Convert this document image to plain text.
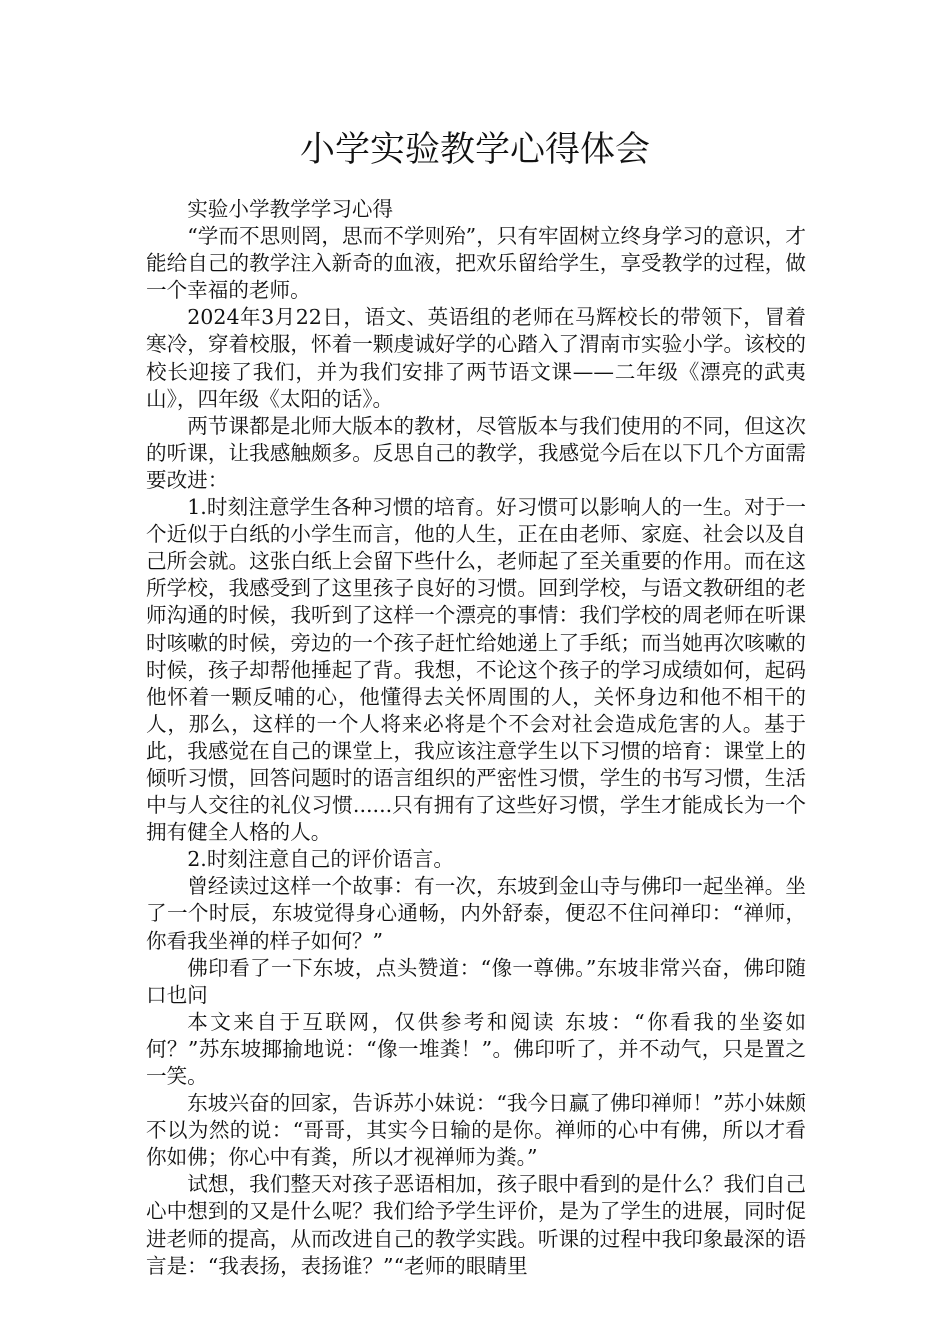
小学实验教学心得体会

实验小学教学学习心得

“学而不思则罔，思而不学则殆”，只有牢固树立终身学习的意识，才能给自己的教学注入新奇的血液，把欢乐留给学生，享受教学的过程，做一个幸福的老师。

2024年3月22日，语文、英语组的老师在马辉校长的带领下，冒着寒冷，穿着校服，怀着一颗虔诚好学的心踏入了渭南市实验小学。该校的校长迎接了我们，并为我们安排了两节语文课——二年级《漂亮的武夷山》，四年级《太阳的话》。

两节课都是北师大版本的教材，尽管版本与我们使用的不同，但这次的听课，让我感触颇多。反思自己的教学，我感觉今后在以下几个方面需要改进：

1.时刻注意学生各种习惯的培育。好习惯可以影响人的一生。对于一个近似于白纸的小学生而言，他的人生，正在由老师、家庭、社会以及自己所会就。这张白纸上会留下些什么，老师起了至关重要的作用。而在这所学校，我感受到了这里孩子良好的习惯。回到学校，与语文教研组的老师沟通的时候，我听到了这样一个漂亮的事情：我们学校的周老师在听课时咳嗽的时候，旁边的一个孩子赶忙给她递上了手纸；而当她再次咳嗽的时候，孩子却帮他捶起了背。我想，不论这个孩子的学习成绩如何，起码他怀着一颗反哺的心，他懂得去关怀周围的人，关怀身边和他不相干的人，那么，这样的一个人将来必将是个不会对社会造成危害的人。基于此，我感觉在自己的课堂上，我应该注意学生以下习惯的培育：课堂上的倾听习惯，回答问题时的语言组织的严密性习惯，学生的书写习惯，生活中与人交往的礼仪习惯......只有拥有了这些好习惯，学生才能成长为一个拥有健全人格的人。

2.时刻注意自己的评价语言。

曾经读过这样一个故事：有一次，东坡到金山寺与佛印一起坐禅。坐了一个时辰，东坡觉得身心通畅，内外舒泰，便忍不住问禅印：“禅师，你看我坐禅的样子如何？”

佛印看了一下东坡，点头赞道：“像一尊佛。”东坡非常兴奋，佛印随口也问

本文来自于互联网，仅供参考和阅读 东坡：“你看我的坐姿如何？”苏东坡揶揄地说：“像一堆粪！”。佛印听了，并不动气，只是置之一笑。

东坡兴奋的回家，告诉苏小妹说：“我今日赢了佛印禅师！”苏小妹颇不以为然的说：“哥哥，其实今日输的是你。禅师的心中有佛，所以才看你如佛；你心中有粪，所以才视禅师为粪。”

试想，我们整天对孩子恶语相加，孩子眼中看到的是什么？我们自己心中想到的又是什么呢？我们给予学生评价，是为了学生的进展，同时促进老师的提高，从而改进自己的教学实践。听课的过程中我印象最深的语言是：“我表扬，表扬谁？”“老师的眼睛里
